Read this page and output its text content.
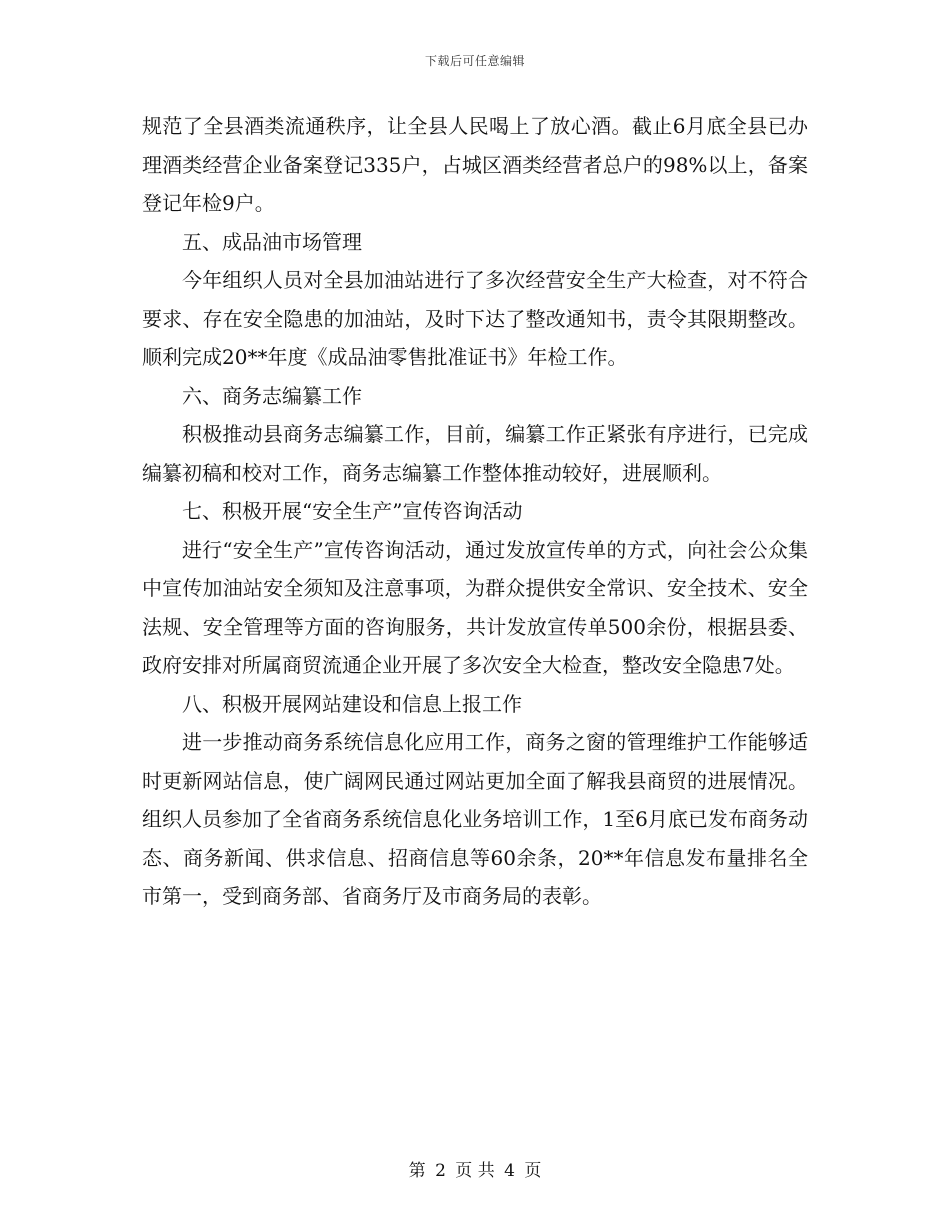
下载后可任意编辑

规范了全县酒类流通秩序，让全县人民喝上了放心酒。截止6月底全县已办理酒类经营企业备案登记335户，占城区酒类经营者总户的98%以上，备案登记年检9户。

五、成品油市场管理

今年组织人员对全县加油站进行了多次经营安全生产大检查，对不符合要求、存在安全隐患的加油站，及时下达了整改通知书，责令其限期整改。顺利完成20**年度《成品油零售批准证书》年检工作。

六、商务志编纂工作

积极推动县商务志编纂工作，目前，编纂工作正紧张有序进行，已完成编纂初稿和校对工作，商务志编纂工作整体推动较好，进展顺利。

七、积极开展“安全生产”宣传咨询活动

进行“安全生产”宣传咨询活动，通过发放宣传单的方式，向社会公众集中宣传加油站安全须知及注意事项，为群众提供安全常识、安全技术、安全法规、安全管理等方面的咨询服务，共计发放宣传单500余份，根据县委、政府安排对所属商贸流通企业开展了多次安全大检查，整改安全隐患7处。

八、积极开展网站建设和信息上报工作

进一步推动商务系统信息化应用工作，商务之窗的管理维护工作能够适时更新网站信息，使广阔网民通过网站更加全面了解我县商贸的进展情况。组织人员参加了全省商务系统信息化业务培训工作，1至6月底已发布商务动态、商务新闻、供求信息、招商信息等60余条，20**年信息发布量排名全市第一，受到商务部、省商务厅及市商务局的表彰。

第 2 页 共 4 页
